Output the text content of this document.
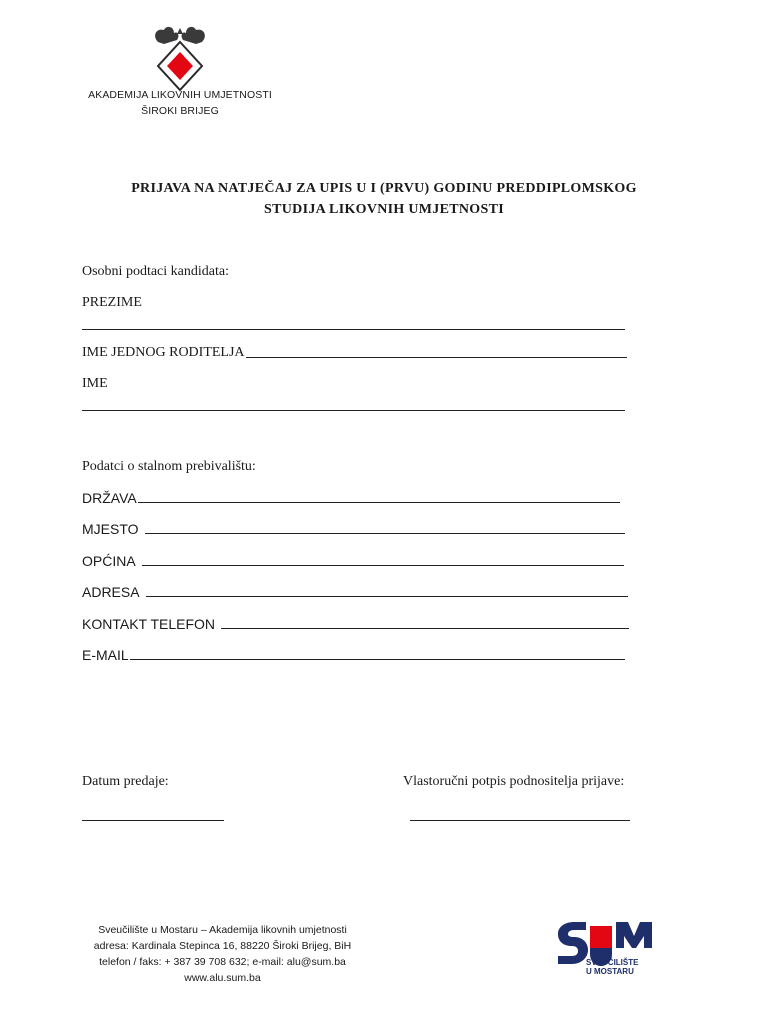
AKADEMIJA LIKOVNIH UMJETNOSTI
ŠIROKI BRIJEG
PRIJAVA NA NATJEČAJ ZA UPIS U I (PRVU) GODINU PREDDIPLOMSKOG
STUDIJA LIKOVNIH UMJETNOSTI
Osobni podtaci kandidata:
PREZIME
IME JEDNOG RODITELJA
IME
Podatci o stalnom prebivalištu:
DRŽAVA
MJESTO
OPĆINA
ADRESA
KONTAKT TELEFON
E-MAIL
Datum predaje:	Vlastoručni potpis podnositelja prijave:
Sveučilište u Mostaru – Akademija likovnih umjetnosti
adresa: Kardinala Stepinca 16, 88220 Široki Brijeg, BiH
telefon / faks: + 387 39 708 632; e-mail: alu@sum.ba
www.alu.sum.ba
SVEUČILIŠTE
U MOSTARU
